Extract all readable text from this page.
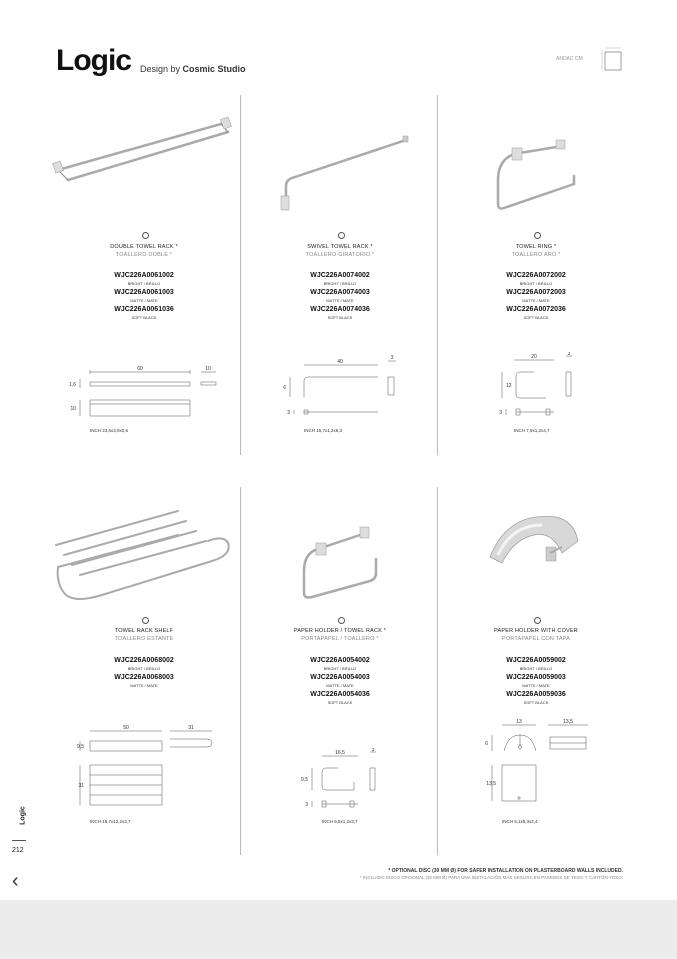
Logic Design by Cosmic Studio
ANDAC CM
DOUBLE TOWEL RACK *
TOALLERO DOBLE *
WJC226A0061002
BRIGHT / BRILLO
WJC226A0061003
MATTE / MATE
WJC226A0061036
SOFT BLACK
60	10
1,6
10
INCH 23,6x3,9x0,6
SWIVEL TOWEL RACK *
TOALLERO GIRATORIO *
WJC226A0074002
BRIGHT / BRILLO
WJC226A0074003
MATTE / MATE
WJC226A0074036
SOFT BLACK
40
3
6
3
INCH 15,7x1,2x6,3
TOWEL RING *
TOALLERO ARO *
WJC226A0072002
BRIGHT / BRILLO
WJC226A0072003
MATTE / MATE
WJC226A0072036
SOFT BLACK
20	3
12
3
INCH 7,9x1,2x4,7
TOWEL RACK SHELF
TOALLERO ESTANTE
WJC226A0068002
BRIGHT / BRILLO
WJC226A0068003
MATTE / MATE
50	31
9,5
31
INCH 19,7x12,2x3,7
PAPER HOLDER / TOWEL RACK *
PORTAPAPEL / TOALLERO *
WJC226A0054002
BRIGHT / BRILLO
WJC226A0054003
MATTE / MATE
WJC226A0054036
SOFT BLACK
16,5	3
9,5
3
INCH 6,5x1,2x3,7
PAPER HOLDER WITH COVER
PORTAPAPEL CON TAPA
WJC226A0059002
BRIGHT / BRILLO
WJC226A0059003
MATTE / MATE
WJC226A0059036
SOFT BLACK
13	13,5
6
13,5
INCH 5,1x5,3x2,4
Logic
212
‹	* OPTIONAL DISC (30 MM Ø) FOR SAFER INSTALLATION ON PLASTERBOARD WALLS INCLUDED.
* INCLUIDO DISCO OPCIONAL (30 MM Ø) PARA UNA INSTALACIÓN MÁS SEGURA EN PAREDES DE YESO Y CARTÓN-YESO.
